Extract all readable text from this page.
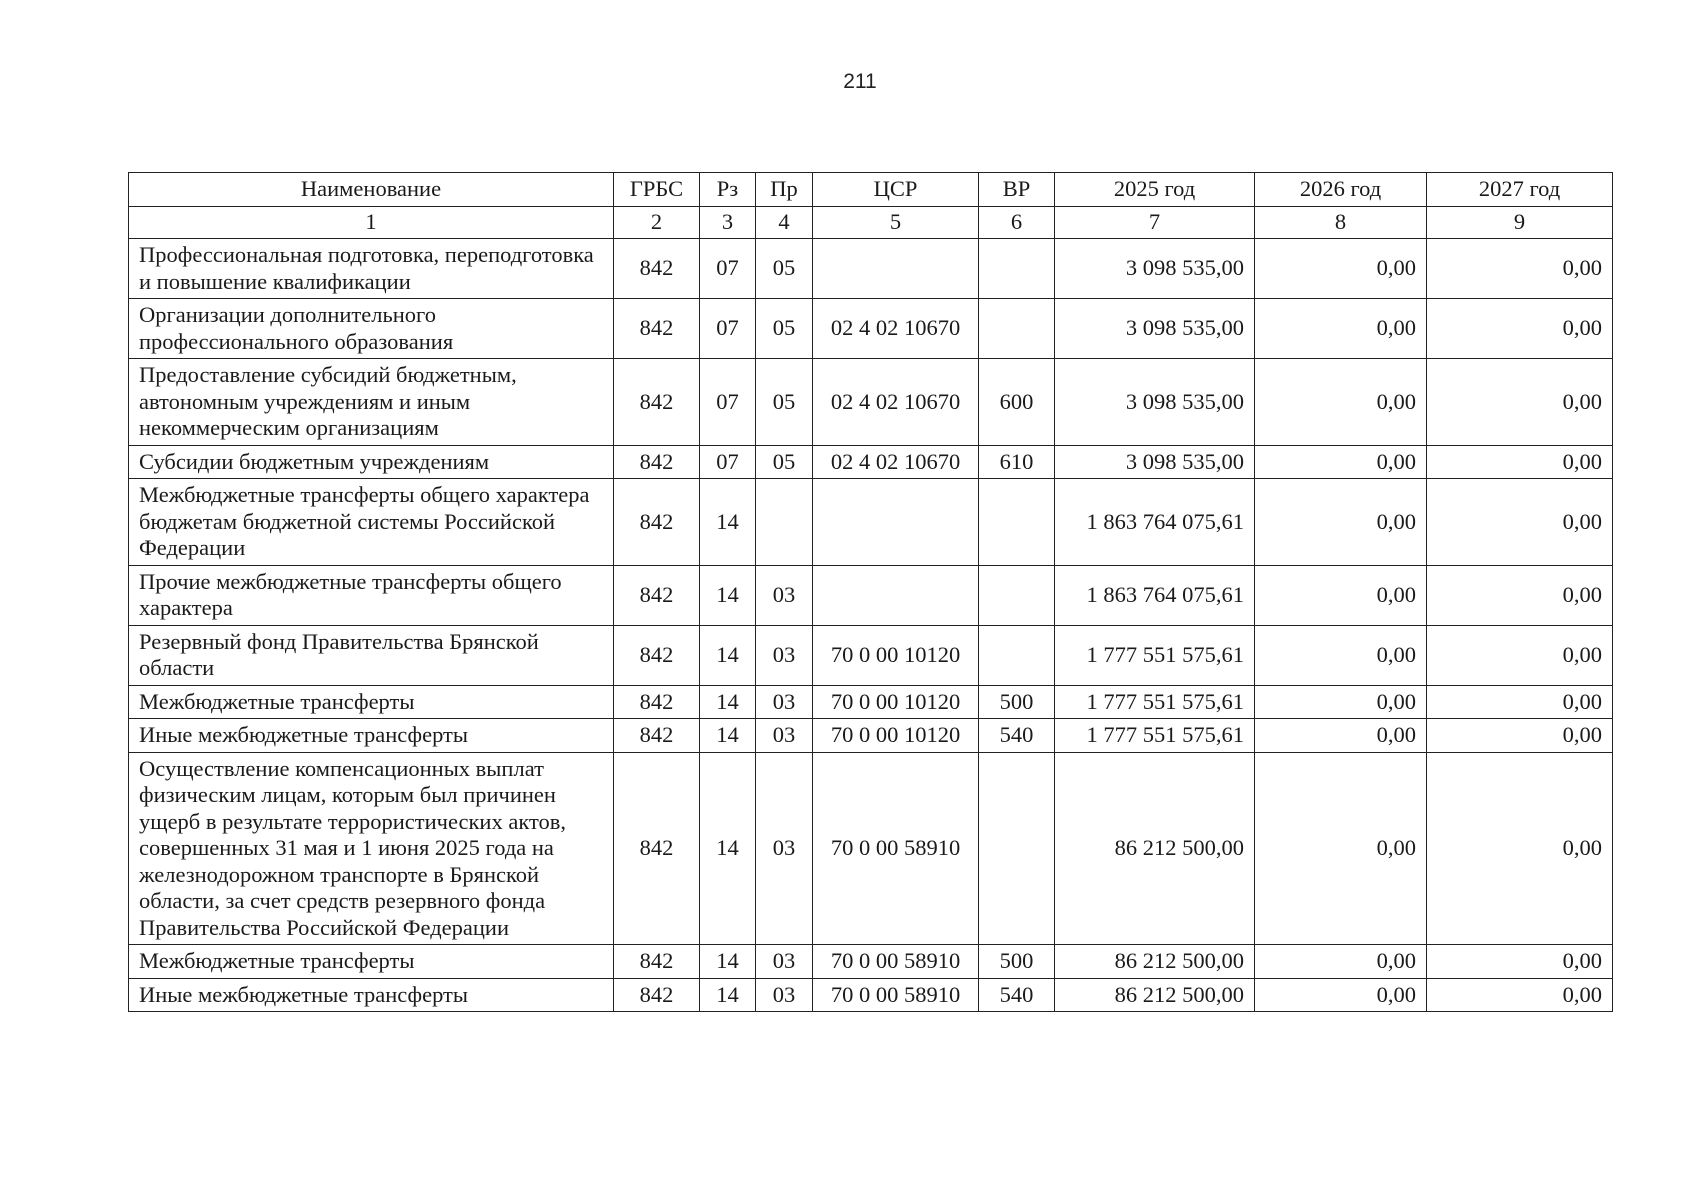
211
Наименование	ГРБС	Рз	Пр	ЦСР	ВР	2025 год	2026 год	2027 год
1	2	3	4	5	6	7	8	9
Профессиональная подготовка, переподготовка и повышение квалификации	842	07	05			3 098 535,00	0,00	0,00
Организации дополнительного профессионального образования	842	07	05	02 4 02 10670		3 098 535,00	0,00	0,00
Предоставление субсидий бюджетным, автономным учреждениям и иным некоммерческим организациям	842	07	05	02 4 02 10670	600	3 098 535,00	0,00	0,00
Субсидии бюджетным учреждениям	842	07	05	02 4 02 10670	610	3 098 535,00	0,00	0,00
Межбюджетные трансферты общего характера бюджетам бюджетной системы Российской Федерации	842	14				1 863 764 075,61	0,00	0,00
Прочие межбюджетные трансферты общего характера	842	14	03			1 863 764 075,61	0,00	0,00
Резервный фонд Правительства Брянской области	842	14	03	70 0 00 10120		1 777 551 575,61	0,00	0,00
Межбюджетные трансферты	842	14	03	70 0 00 10120	500	1 777 551 575,61	0,00	0,00
Иные межбюджетные трансферты	842	14	03	70 0 00 10120	540	1 777 551 575,61	0,00	0,00
Осуществление компенсационных выплат физическим лицам, которым был причинен ущерб в результате террористических актов, совершенных 31 мая и 1 июня 2025 года на железнодорожном транспорте в Брянской области, за счет средств резервного фонда Правительства Российской Федерации	842	14	03	70 0 00 58910		86 212 500,00	0,00	0,00
Межбюджетные трансферты	842	14	03	70 0 00 58910	500	86 212 500,00	0,00	0,00
Иные межбюджетные трансферты	842	14	03	70 0 00 58910	540	86 212 500,00	0,00	0,00
